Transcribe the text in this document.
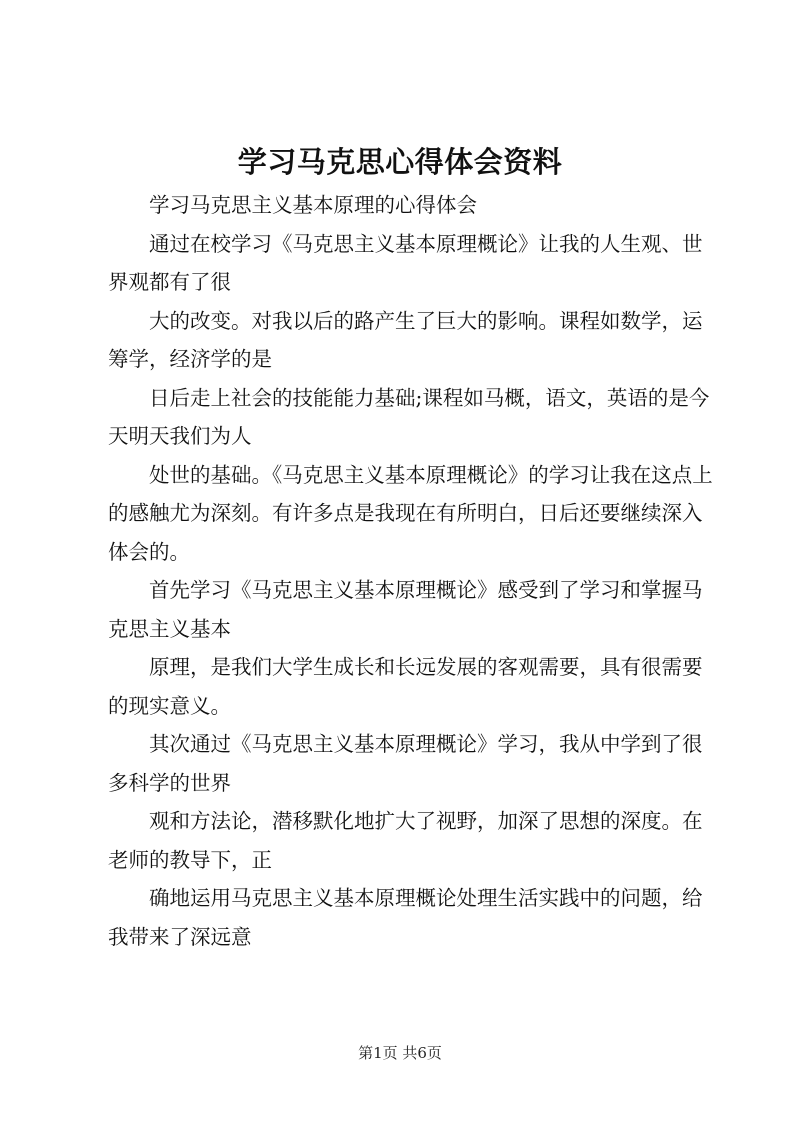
学习马克思心得体会资料

学习马克思主义基本原理的心得体会

通过在校学习《马克思主义基本原理概论》让我的人生观、世界观都有了很

大的改变。对我以后的路产生了巨大的影响。课程如数学，运筹学，经济学的是

日后走上社会的技能能力基础;课程如马概，语文，英语的是今天明天我们为人

处世的基础。《马克思主义基本原理概论》的学习让我在这点上的感触尤为深刻。有许多点是我现在有所明白，日后还要继续深入体会的。

首先学习《马克思主义基本原理概论》感受到了学习和掌握马克思主义基本

原理，是我们大学生成长和长远发展的客观需要，具有很需要的现实意义。

其次通过《马克思主义基本原理概论》学习，我从中学到了很多科学的世界

观和方法论，潜移默化地扩大了视野，加深了思想的深度。在老师的教导下，正

确地运用马克思主义基本原理概论处理生活实践中的问题，给我带来了深远意

第1页 共6页
